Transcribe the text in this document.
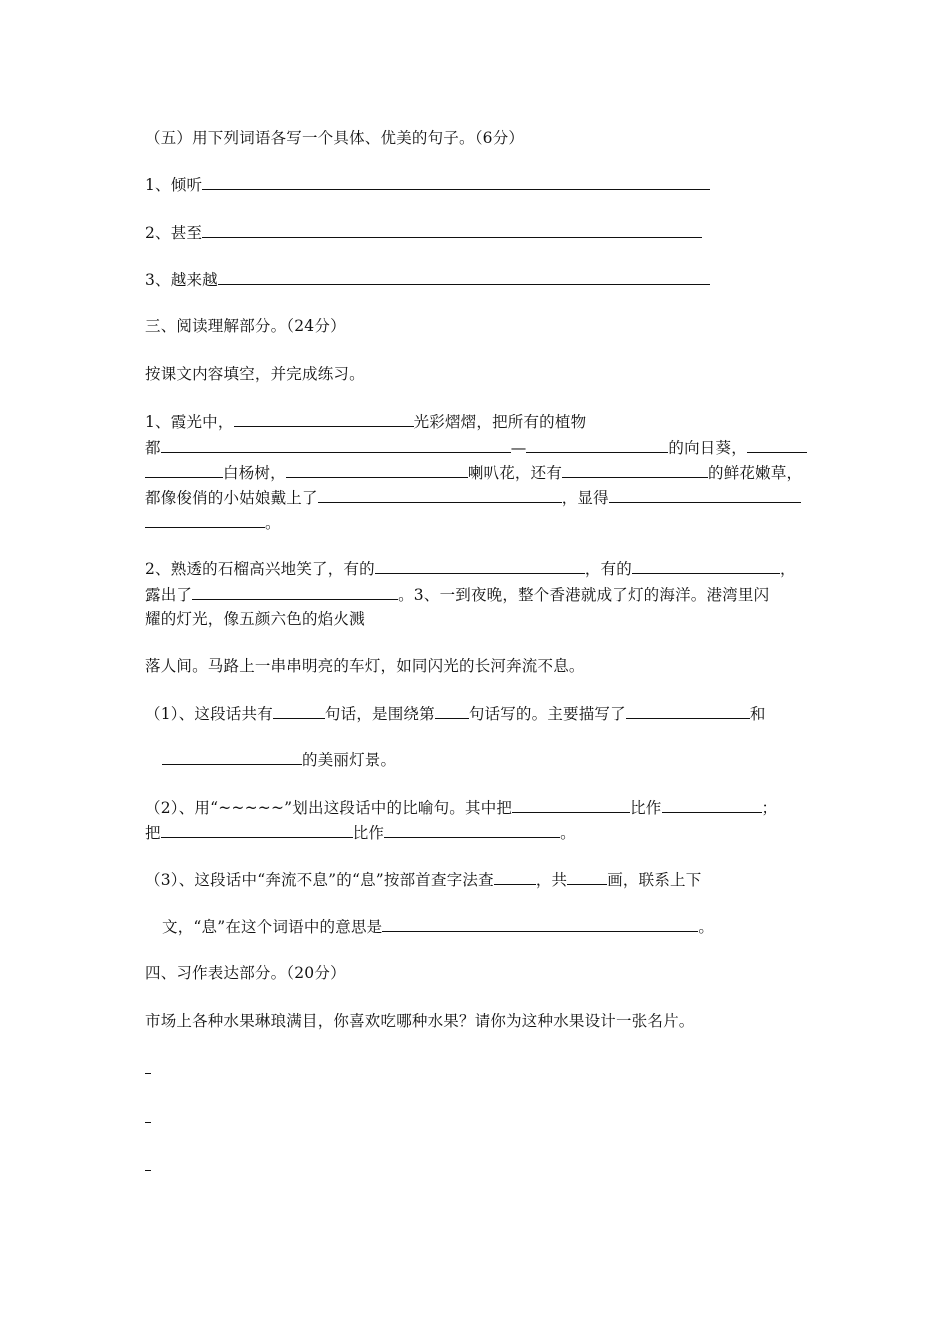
（五）用下列词语各写一个具体、优美的句子。（6分）
1、倾听
2、甚至
3、越来越
三、阅读理解部分。（24分）
按课文内容填空，并完成练习。
1、霞光中，	光彩熠熠，把所有的植物
都	—	的向日葵，
白杨树，	喇叭花，还有	的鲜花嫩草，
都像俊俏的小姑娘戴上了	，显得
。
2、熟透的石榴高兴地笑了，有的	，有的	，
露出了	。3、一到夜晚，整个香港就成了灯的海洋。港湾里闪
耀的灯光，像五颜六色的焰火溅
落人间。马路上一串串明亮的车灯，如同闪光的长河奔流不息。
（1）、这段话共有	句话，是围绕第 句话写的。主要描写了	和
的美丽灯景。
（2）、用“~~~~~”划出这段话中的比喻句。其中把	比作	；
把	比作	。
（3）、这段话中“奔流不息”的“息”按部首查字法查	，共	画，联系上下
文，“息”在这个词语中的意思是	。
四、习作表达部分。（20分）
市场上各种水果琳琅满目，你喜欢吃哪种水果？请你为这种水果设计一张名片。
